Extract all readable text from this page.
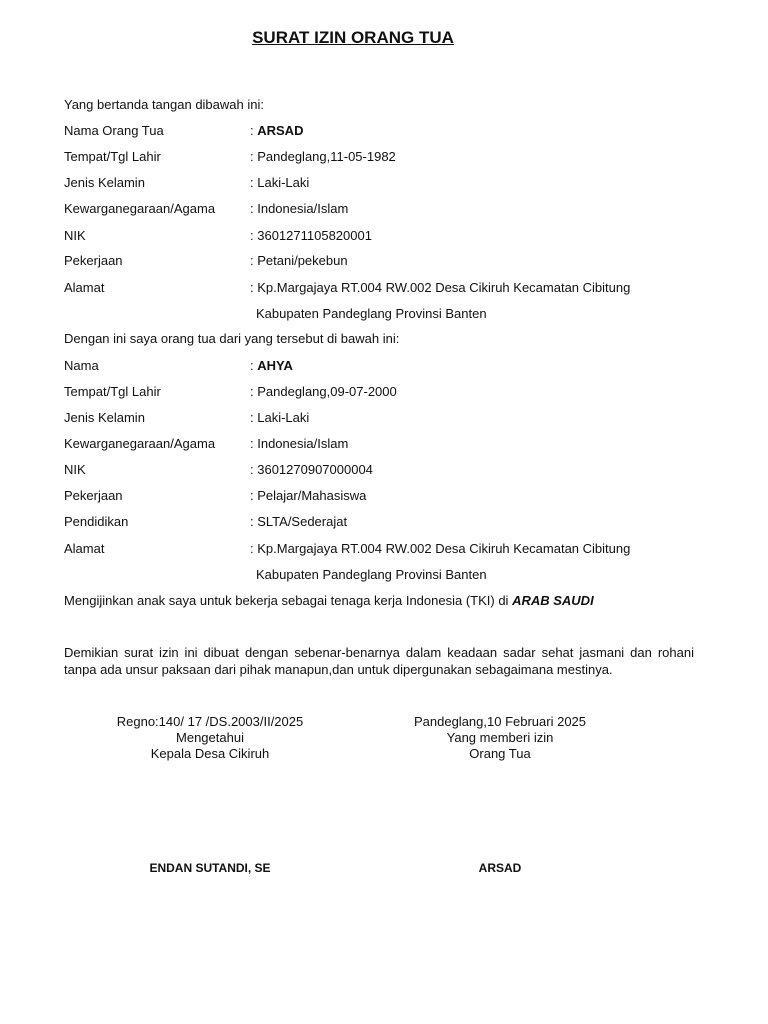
SURAT IZIN ORANG TUA
Yang bertanda tangan dibawah ini:
Nama Orang Tua	: ARSAD
Tempat/Tgl Lahir	: Pandeglang,11-05-1982
Jenis Kelamin	: Laki-Laki
Kewarganegaraan/Agama	: Indonesia/Islam
NIK	: 3601271105820001
Pekerjaan	: Petani/pekebun
Alamat	: Kp.Margajaya RT.004 RW.002 Desa Cikiruh Kecamatan Cibitung
Kabupaten Pandeglang Provinsi Banten
Dengan ini saya orang tua dari yang tersebut di bawah ini:
Nama	: AHYA
Tempat/Tgl Lahir	: Pandeglang,09-07-2000
Jenis Kelamin	: Laki-Laki
Kewarganegaraan/Agama	: Indonesia/Islam
NIK	: 3601270907000004
Pekerjaan	: Pelajar/Mahasiswa
Pendidikan	: SLTA/Sederajat
Alamat	: Kp.Margajaya RT.004 RW.002 Desa Cikiruh Kecamatan Cibitung
Kabupaten Pandeglang Provinsi Banten
Mengijinkan anak saya untuk bekerja sebagai tenaga kerja Indonesia (TKI) di ARAB SAUDI
Demikian surat izin ini dibuat dengan sebenar-benarnya dalam keadaan sadar sehat jasmani dan rohani tanpa ada unsur paksaan dari pihak manapun,dan untuk dipergunakan sebagaimana mestinya.
Regno:140/ 17 /DS.2003/II/2025
Mengetahui
Kepala Desa Cikiruh
Pandeglang,10 Februari 2025
Yang memberi izin
Orang Tua
ENDAN SUTANDI, SE	ARSAD
